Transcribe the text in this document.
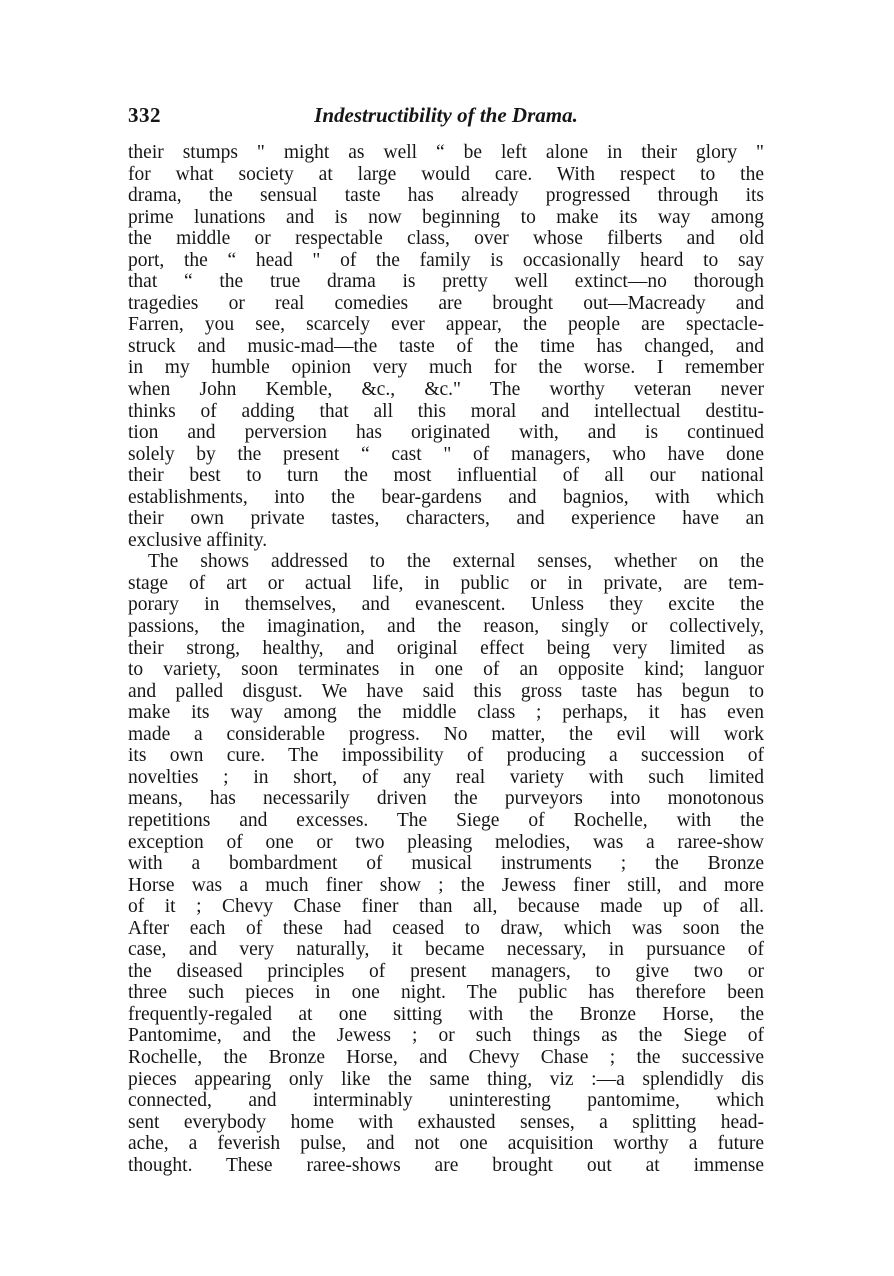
332	Indestructibility of the Drama.
their stumps " might as well “ be left alone in their glory "
for what society at large would care. With respect to the
drama, the sensual taste has already progressed through its
prime lunations and is now beginning to make its way among
the middle or respectable class, over whose filberts and old
port, the “ head " of the family is occasionally heard to say
that “ the true drama is pretty well extinct—no thorough
tragedies or real comedies are brought out—Macready and
Farren, you see, scarcely ever appear, the people are spectacle-
struck and music-mad—the taste of the time has changed, and
in my humble opinion very much for the worse. I remember
when John Kemble, &c., &c." The worthy veteran never
thinks of adding that all this moral and intellectual destitu-
tion and perversion has originated with, and is continued
solely by the present “ cast " of managers, who have done
their best to turn the most influential of all our national
establishments, into the bear-gardens and bagnios, with which
their own private tastes, characters, and experience have an
exclusive affinity.
The shows addressed to the external senses, whether on the
stage of art or actual life, in public or in private, are tem-
porary in themselves, and evanescent. Unless they excite the
passions, the imagination, and the reason, singly or collectively,
their strong, healthy, and original effect being very limited as
to variety, soon terminates in one of an opposite kind; languor
and palled disgust. We have said this gross taste has begun to
make its way among the middle class ; perhaps, it has even
made a considerable progress. No matter, the evil will work
its own cure. The impossibility of producing a succession of
novelties ; in short, of any real variety with such limited
means, has necessarily driven the purveyors into monotonous
repetitions and excesses. The Siege of Rochelle, with the
exception of one or two pleasing melodies, was a raree-show
with a bombardment of musical instruments ; the Bronze
Horse was a much finer show ; the Jewess finer still, and more
of it ; Chevy Chase finer than all, because made up of all.
After each of these had ceased to draw, which was soon the
case, and very naturally, it became necessary, in pursuance of
the diseased principles of present managers, to give two or
three such pieces in one night. The public has therefore been
frequently-regaled at one sitting with the Bronze Horse, the
Pantomime, and the Jewess ; or such things as the Siege of
Rochelle, the Bronze Horse, and Chevy Chase ; the successive
pieces appearing only like the same thing, viz :—a splendidly dis
connected, and interminably uninteresting pantomime, which
sent everybody home with exhausted senses, a splitting head-
ache, a feverish pulse, and not one acquisition worthy a future
thought. These raree-shows are brought out at immense
